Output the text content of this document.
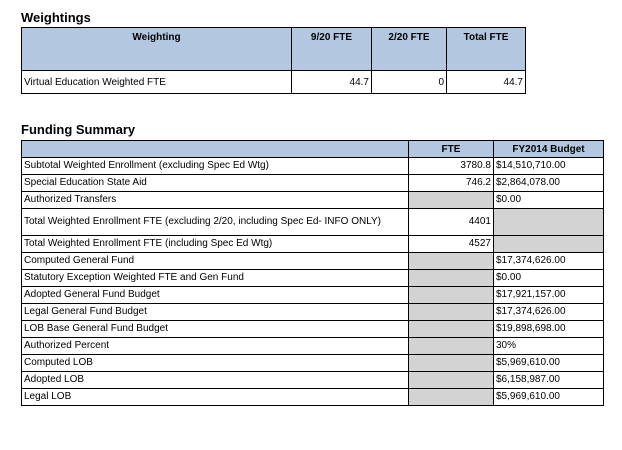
Weightings
Weighting	9/20 FTE	2/20 FTE	Total FTE
Virtual Education Weighted FTE	44.7	0	44.7
Funding Summary
	FTE	FY2014 Budget
Subtotal Weighted Enrollment (excluding Spec Ed Wtg)	3780.8	$14,510,710.00
Special Education State Aid	746.2	$2,864,078.00
Authorized Transfers		$0.00
Total Weighted Enrollment FTE (excluding 2/20, including Spec Ed- INFO ONLY)	4401	
Total Weighted Enrollment FTE (including Spec Ed Wtg)	4527	
Computed General Fund		$17,374,626.00
Statutory Exception Weighted FTE and Gen Fund		$0.00
Adopted General Fund Budget		$17,921,157.00
Legal General Fund Budget		$17,374,626.00
LOB Base General Fund Budget		$19,898,698.00
Authorized Percent		30%
Computed LOB		$5,969,610.00
Adopted LOB		$6,158,987.00
Legal LOB		$5,969,610.00
